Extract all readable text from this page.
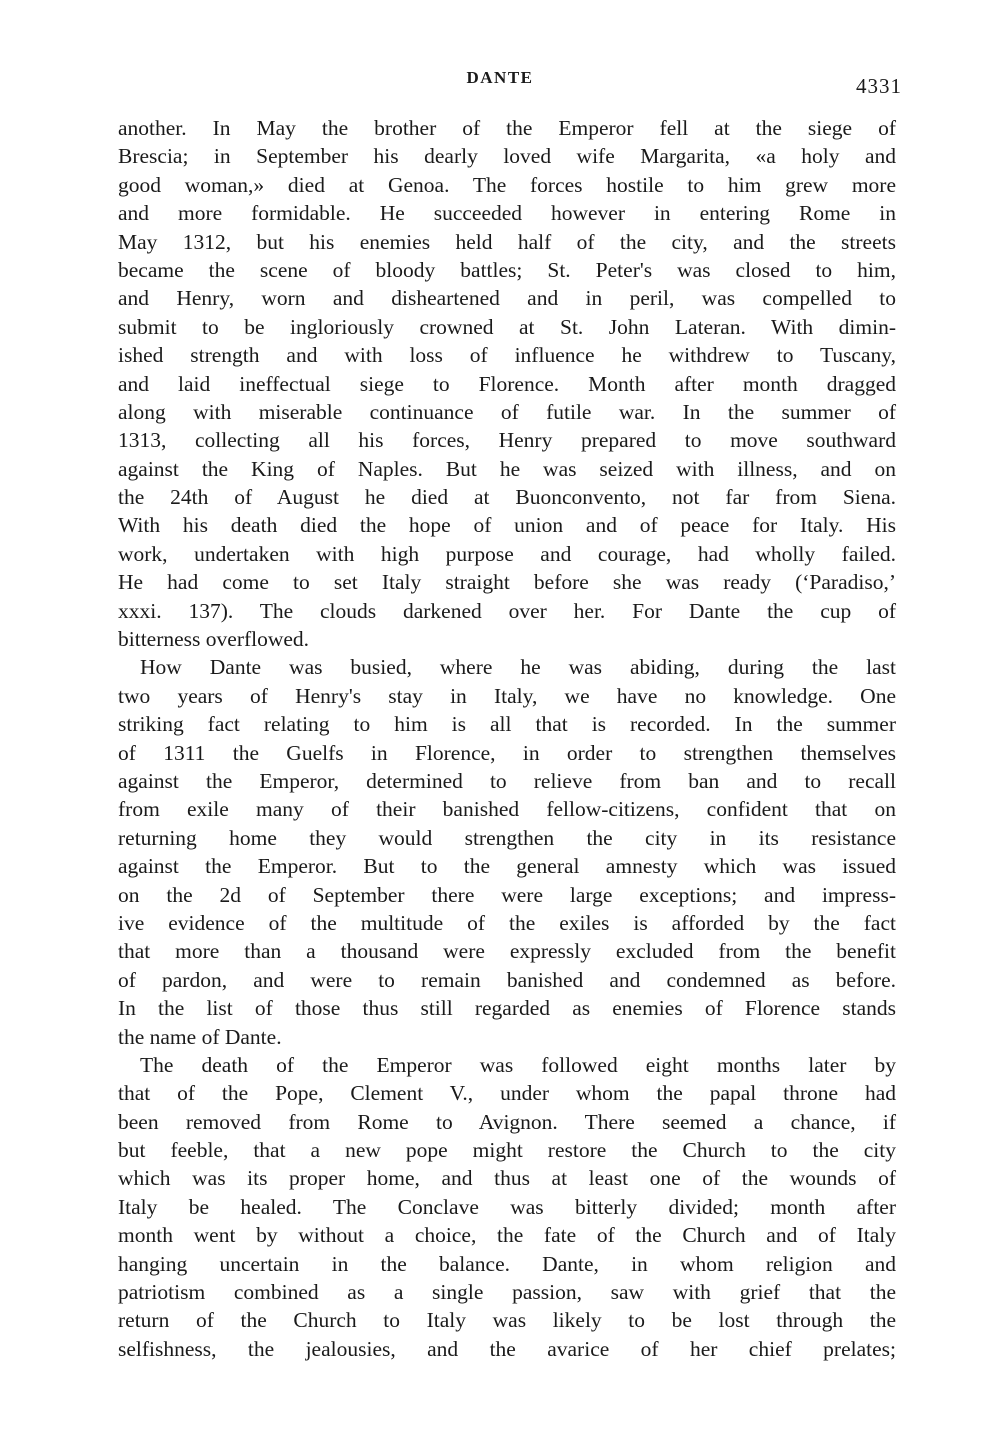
DANTE	4331
another. In May the brother of the Emperor fell at the siege of
Brescia; in September his dearly loved wife Margarita, «a holy and
good woman,» died at Genoa. The forces hostile to him grew more
and more formidable. He succeeded however in entering Rome in
May 1312, but his enemies held half of the city, and the streets
became the scene of bloody battles; St. Peter's was closed to him,
and Henry, worn and disheartened and in peril, was compelled to
submit to be ingloriously crowned at St. John Lateran. With dimin-
ished strength and with loss of influence he withdrew to Tuscany,
and laid ineffectual siege to Florence. Month after month dragged
along with miserable continuance of futile war. In the summer of
1313, collecting all his forces, Henry prepared to move southward
against the King of Naples. But he was seized with illness, and on
the 24th of August he died at Buonconvento, not far from Siena.
With his death died the hope of union and of peace for Italy. His
work, undertaken with high purpose and courage, had wholly failed.
He had come to set Italy straight before she was ready (‘Paradiso,’
xxxi. 137). The clouds darkened over her. For Dante the cup of
bitterness overflowed.
How Dante was busied, where he was abiding, during the last
two years of Henry's stay in Italy, we have no knowledge. One
striking fact relating to him is all that is recorded. In the summer
of 1311 the Guelfs in Florence, in order to strengthen themselves
against the Emperor, determined to relieve from ban and to recall
from exile many of their banished fellow-citizens, confident that on
returning home they would strengthen the city in its resistance
against the Emperor. But to the general amnesty which was issued
on the 2d of September there were large exceptions; and impress-
ive evidence of the multitude of the exiles is afforded by the fact
that more than a thousand were expressly excluded from the benefit
of pardon, and were to remain banished and condemned as before.
In the list of those thus still regarded as enemies of Florence stands
the name of Dante.
The death of the Emperor was followed eight months later by
that of the Pope, Clement V., under whom the papal throne had
been removed from Rome to Avignon. There seemed a chance, if
but feeble, that a new pope might restore the Church to the city
which was its proper home, and thus at least one of the wounds of
Italy be healed. The Conclave was bitterly divided; month after
month went by without a choice, the fate of the Church and of Italy
hanging uncertain in the balance. Dante, in whom religion and
patriotism combined as a single passion, saw with grief that the
return of the Church to Italy was likely to be lost through the
selfishness, the jealousies, and the avarice of her chief prelates;
